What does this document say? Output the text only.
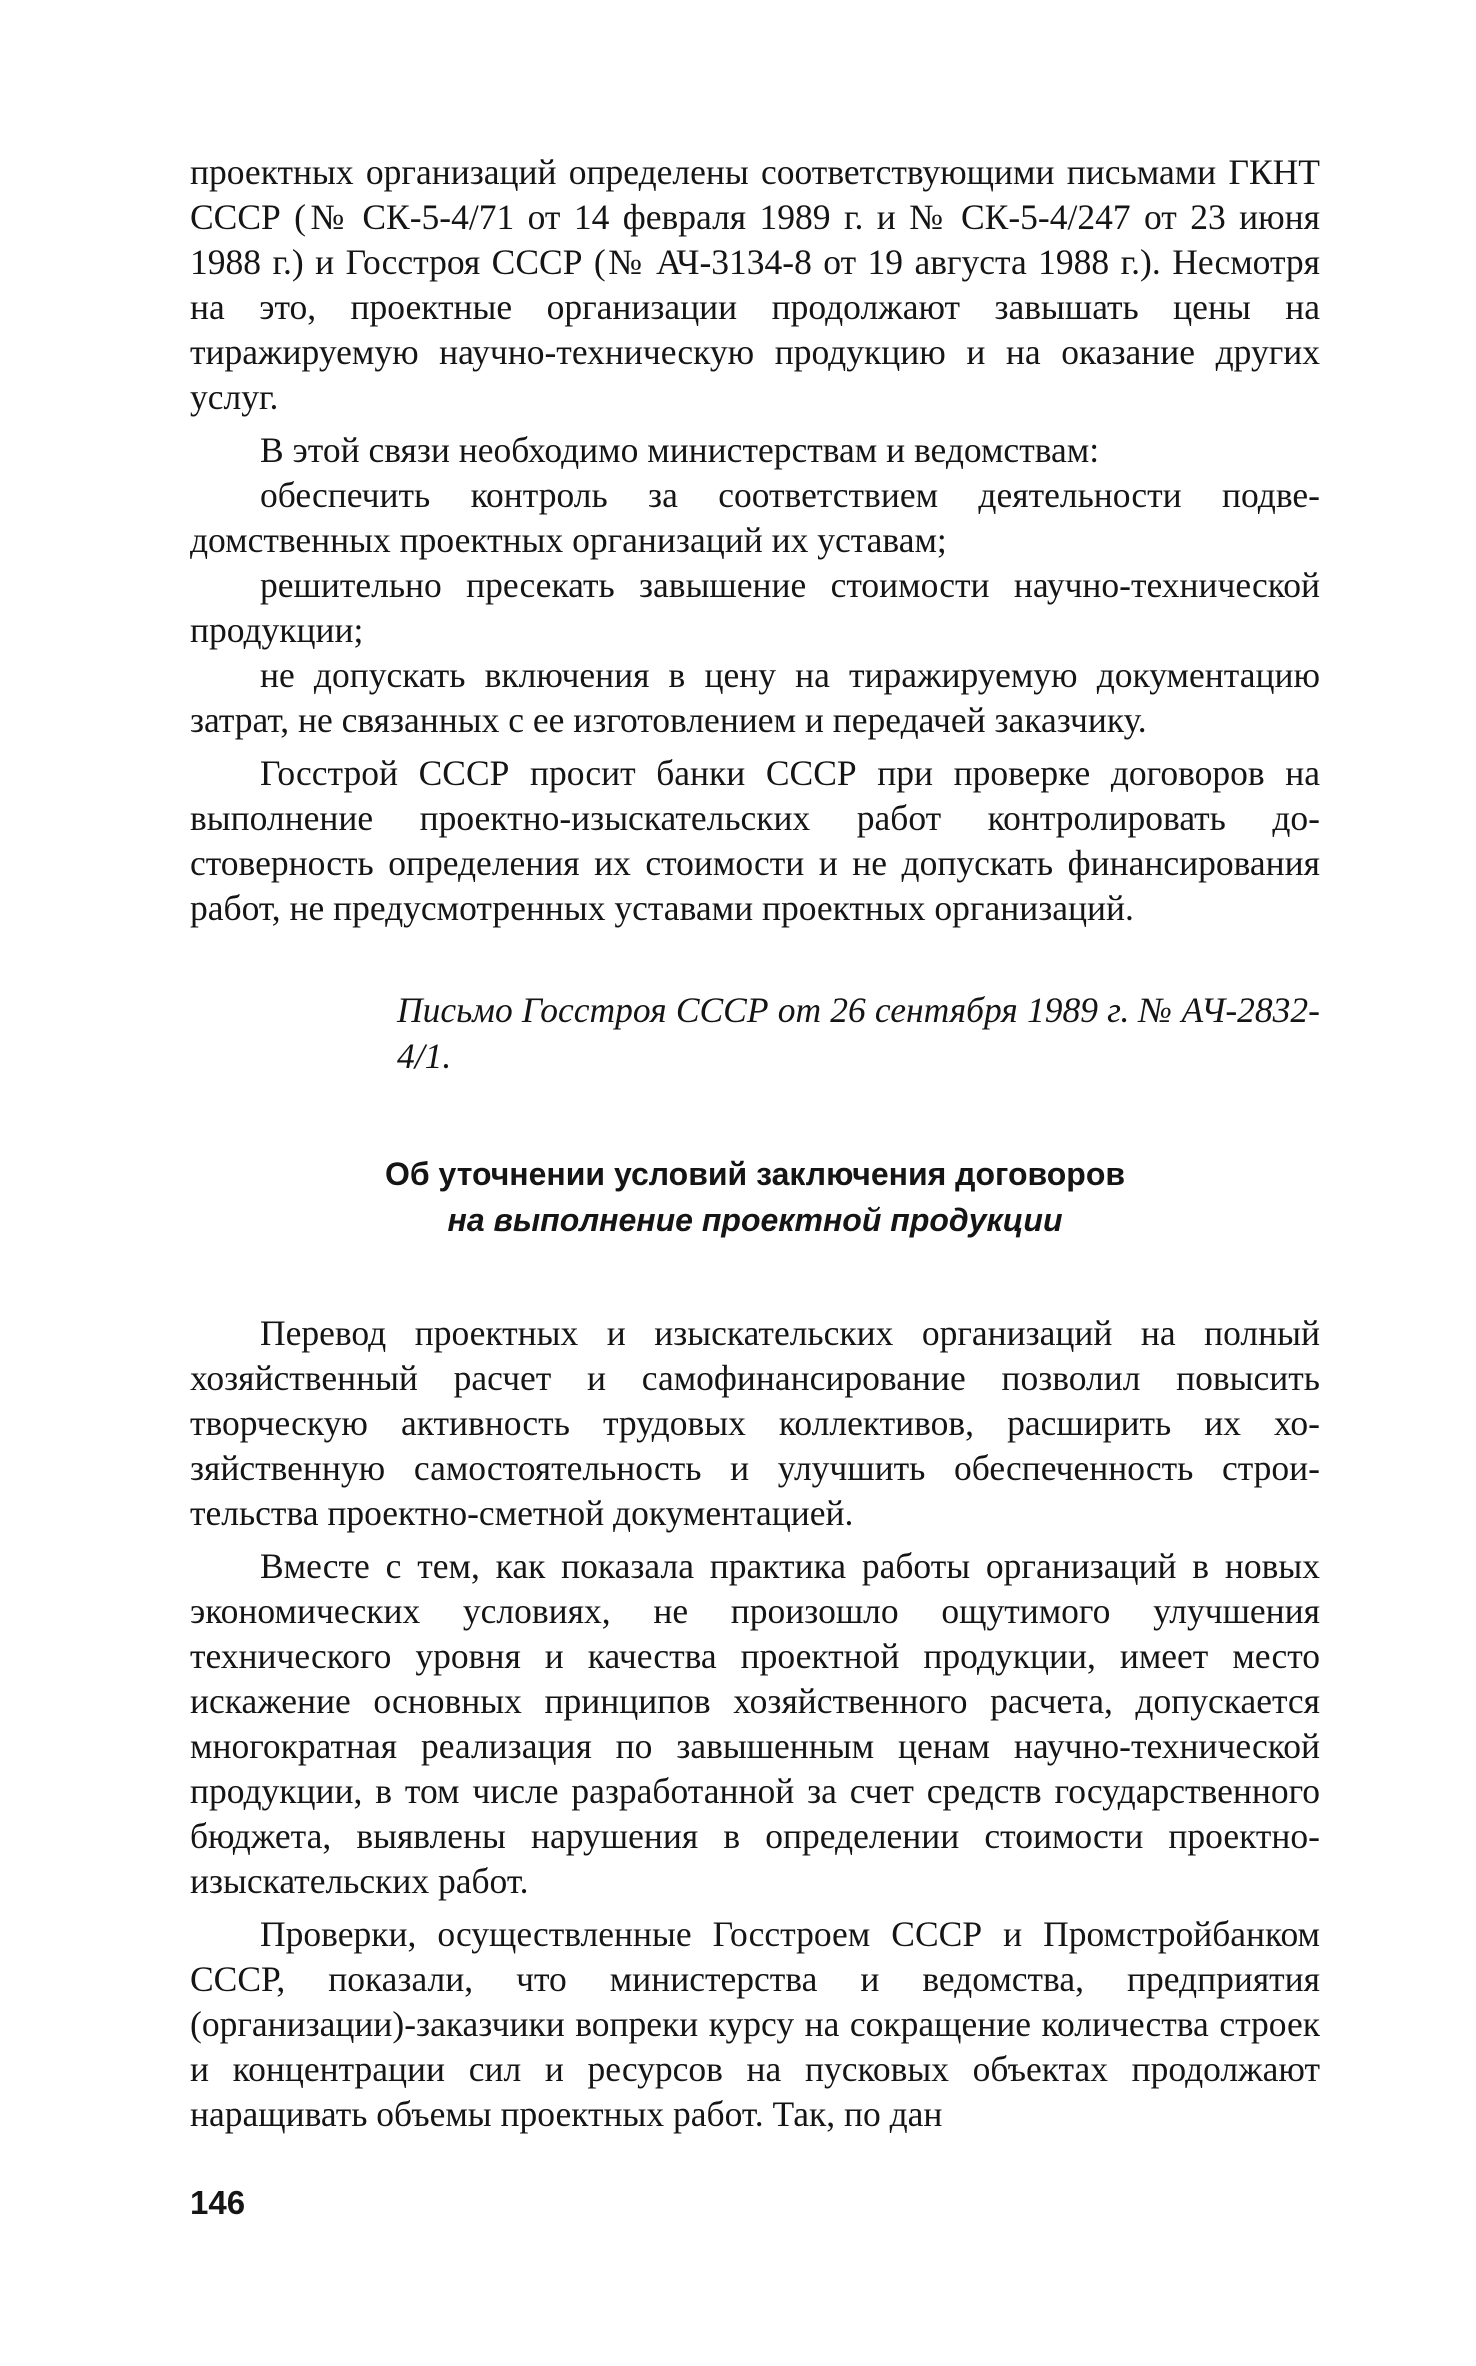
проектных организаций определены соответствующими письмами ГКНТ СССР (№ СК-5-4/71 от 14 февраля 1989 г. и № СК-5-4/247 от 23 июня 1988 г.) и Госстроя СССР (№ АЧ-3134-8 от 19 августа 1988 г.). Несмотря на это, проектные организации продолжают завышать цены на тиражируемую научно-техническую продукцию и на оказание других услуг.

В этой связи необходимо министерствам и ведомствам:

обеспечить контроль за соответствием деятельности подведомственных проектных организаций их уставам;

решительно пресекать завышение стоимости научно-технической продукции;

не допускать включения в цену на тиражируемую документацию затрат, не связанных с ее изготовлением и передачей заказчику.

Госстрой СССР просит банки СССР при проверке договоров на выполнение проектно-изыскательских работ контролировать достоверность определения их стоимости и не допускать финансирования работ, не предусмотренных уставами проектных организаций.

Письмо Госстроя СССР от 26 сентября 1989 г. № АЧ-2832-4/1.

Об уточнении условий заключения договоров
на выполнение проектной продукции

Перевод проектных и изыскательских организаций на полный хозяйственный расчет и самофинансирование позволил повысить творческую активность трудовых коллективов, расширить их хозяйственную самостоятельность и улучшить обеспеченность строительства проектно-сметной документацией.

Вместе с тем, как показала практика работы организаций в новых экономических условиях, не произошло ощутимого улучшения технического уровня и качества проектной продукции, имеет место искажение основных принципов хозяйственного расчета, допускается многократная реализация по завышенным ценам научно-технической продукции, в том числе разработанной за счет средств государственного бюджета, выявлены нарушения в определении стоимости проектно-изыскательских работ.

Проверки, осуществленные Госстроем СССР и Промстройбанком СССР, показали, что министерства и ведомства, предприятия (организации)-заказчики вопреки курсу на сокращение количества строек и концентрации сил и ресурсов на пусковых объектах продолжают наращивать объемы проектных работ. Так, по дан

146
